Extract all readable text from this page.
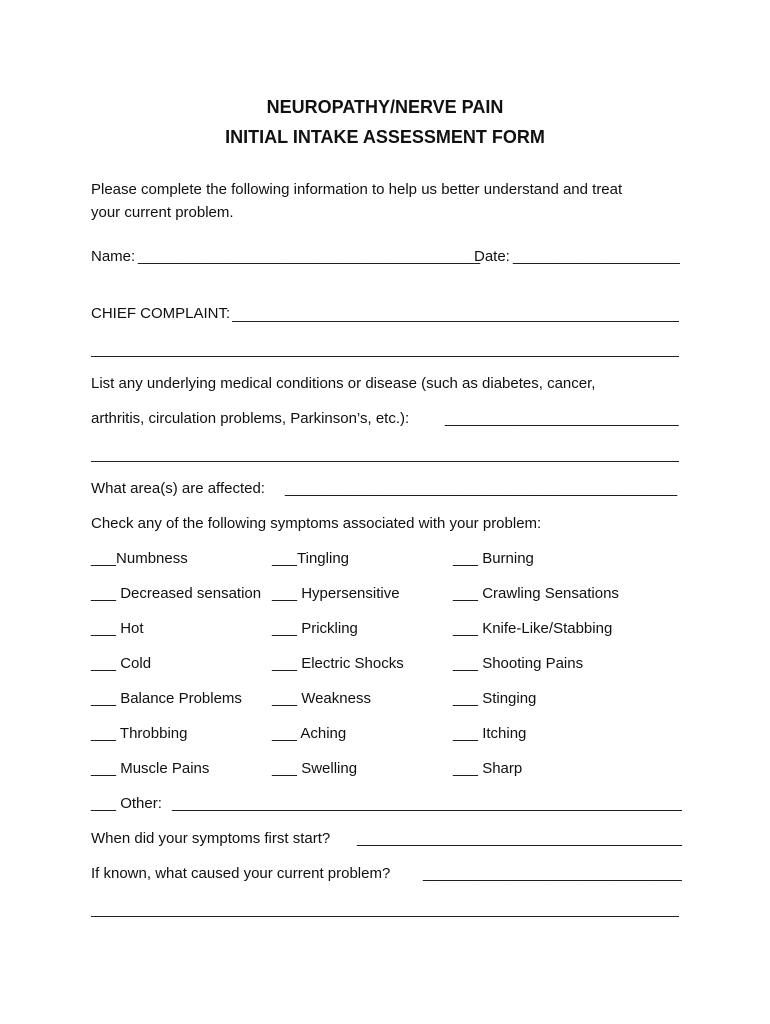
NEUROPATHY/NERVE PAIN
INITIAL INTAKE ASSESSMENT FORM
Please complete the following information to help us better understand and treat
your current problem.
Name: _________________________________________
Date: ____________________
CHIEF COMPLAINT:
List any underlying medical conditions or disease (such as diabetes, cancer,
arthritis, circulation problems, Parkinson’s, etc.): ____________________________
What area(s) are affected: _______________________________________________
Check any of the following symptoms associated with your problem:
___Numbness	___Tingling	___ Burning
___ Decreased sensation ___ Hypersensitive	___ Crawling Sensations
___ Hot	___ Prickling	___ Knife-Like/Stabbing
___ Cold	___ Electric Shocks	___ Shooting Pains
___ Balance Problems ___ Weakness	___ Stinging
___ Throbbing	___ Aching	___ Itching
___ Muscle Pains	___ Swelling	___ Sharp
___ Other: ________________________________________________________________
When did your symptoms first start? _________________________________________
If known, what caused your current problem? __________________________________
